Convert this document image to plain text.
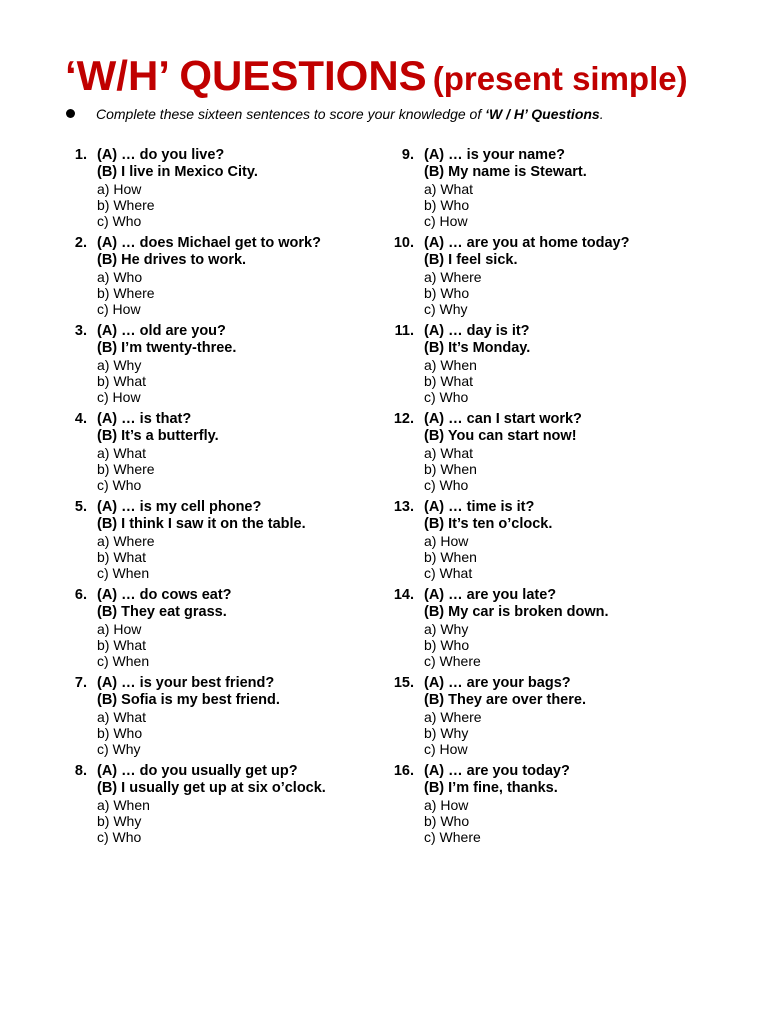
‘W/H’ QUESTIONS (present simple)
Complete these sixteen sentences to score your knowledge of ‘W / H’ Questions.
1. (A) … do you live?
(B) I live in Mexico City.
a) How
b) Where
c) Who
2. (A) … does Michael get to work?
(B) He drives to work.
a) Who
b) Where
c) How
3. (A) … old are you?
(B) I’m twenty-three.
a) Why
b) What
c) How
4. (A) … is that?
(B) It’s a butterfly.
a) What
b) Where
c) Who
5. (A) … is my cell phone?
(B) I think I saw it on the table.
a) Where
b) What
c) When
6. (A) … do cows eat?
(B) They eat grass.
a) How
b) What
c) When
7. (A) … is your best friend?
(B) Sofia is my best friend.
a) What
b) Who
c) Why
8. (A) … do you usually get up?
(B) I usually get up at six o’clock.
a) When
b) Why
c) Who
9. (A) … is your name?
(B) My name is Stewart.
a) What
b) Who
c) How
10. (A) … are you at home today?
(B) I feel sick.
a) Where
b) Who
c) Why
11. (A) … day is it?
(B) It’s Monday.
a) When
b) What
c) Who
12. (A) … can I start work?
(B) You can start now!
a) What
b) When
c) Who
13. (A) … time is it?
(B) It’s ten o’clock.
a) How
b) When
c) What
14. (A) … are you late?
(B) My car is broken down.
a) Why
b) Who
c) Where
15. (A) … are your bags?
(B) They are over there.
a) Where
b) Why
c) How
16. (A) … are you today?
(B) I’m fine, thanks.
a) How
b) Who
c) Where
